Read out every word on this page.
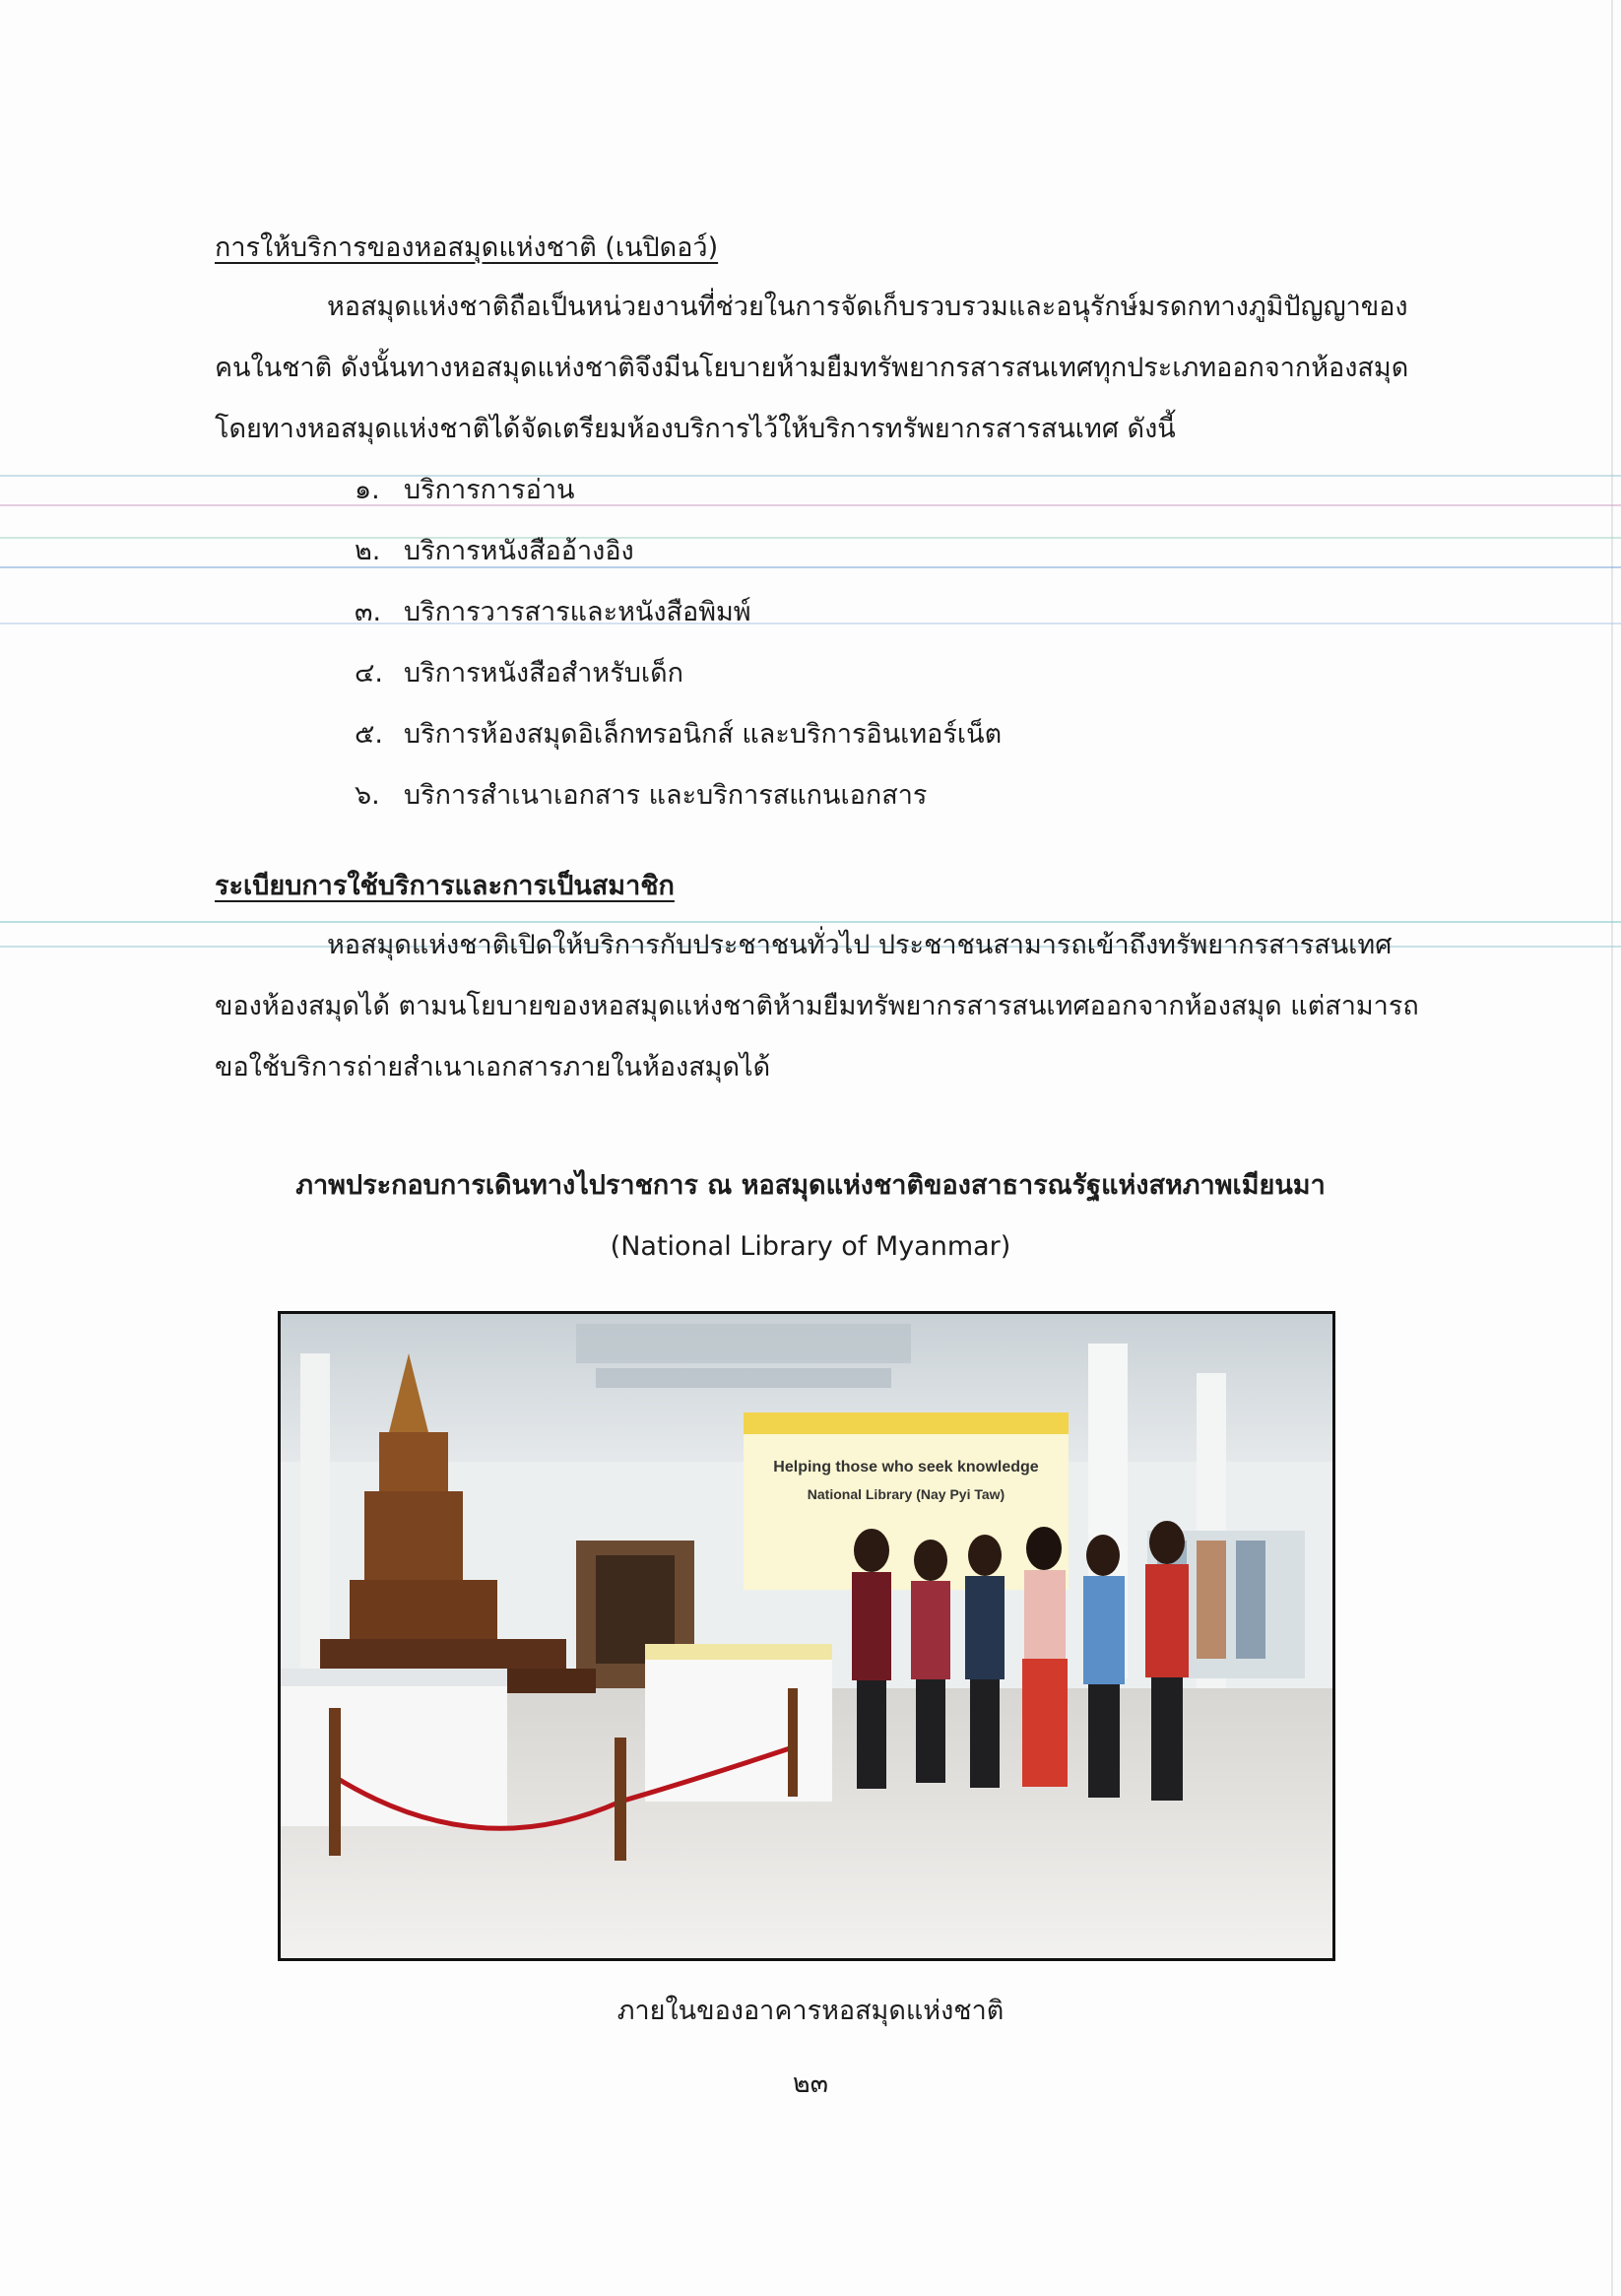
การให้บริการของหอสมุดแห่งชาติ (เนปิดอว์)
หอสมุดแห่งชาติถือเป็นหน่วยงานที่ช่วยในการจัดเก็บรวบรวมและอนุรักษ์มรดกทางภูมิปัญญาของ
คนในชาติ ดังนั้นทางหอสมุดแห่งชาติจึงมีนโยบายห้ามยืมทรัพยากรสารสนเทศทุกประเภทออกจากห้องสมุด
โดยทางหอสมุดแห่งชาติได้จัดเตรียมห้องบริการไว้ให้บริการทรัพยากรสารสนเทศ ดังนี้
๑. บริการการอ่าน
๒. บริการหนังสืออ้างอิง
๓. บริการวารสารและหนังสือพิมพ์
๔. บริการหนังสือสำหรับเด็ก
๕. บริการห้องสมุดอิเล็กทรอนิกส์ และบริการอินเทอร์เน็ต
๖. บริการสำเนาเอกสาร และบริการสแกนเอกสาร
ระเบียบการใช้บริการและการเป็นสมาชิก
หอสมุดแห่งชาติเปิดให้บริการกับประชาชนทั่วไป ประชาชนสามารถเข้าถึงทรัพยากรสารสนเทศ
ของห้องสมุดได้ ตามนโยบายของหอสมุดแห่งชาติห้ามยืมทรัพยากรสารสนเทศออกจากห้องสมุด แต่สามารถ
ขอใช้บริการถ่ายสำเนาเอกสารภายในห้องสมุดได้
ภาพประกอบการเดินทางไปราชการ ณ หอสมุดแห่งชาติของสาธารณรัฐแห่งสหภาพเมียนมา
(National Library of Myanmar)
Helping those who seek knowledge
National Library (Nay Pyi Taw)
ภายในของอาคารหอสมุดแห่งชาติ
๒๓
